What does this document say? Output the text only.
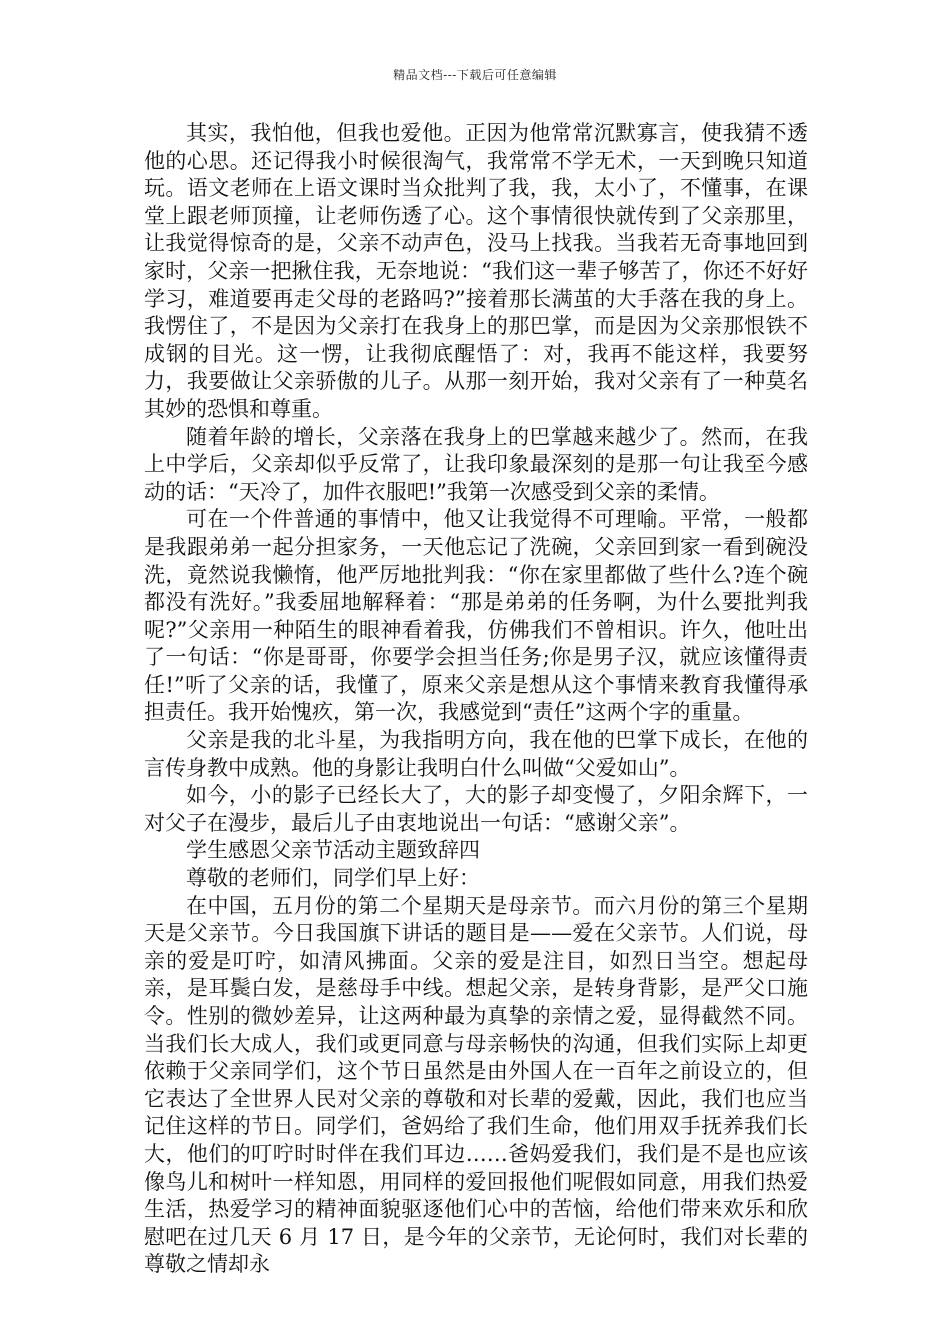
精品文档---下载后可任意编辑

其实，我怕他，但我也爱他。正因为他常常沉默寡言，使我猜不透他的心思。还记得我小时候很淘气，我常常不学无术，一天到晚只知道玩。语文老师在上语文课时当众批判了我，我，太小了，不懂事，在课堂上跟老师顶撞，让老师伤透了心。这个事情很快就传到了父亲那里，让我觉得惊奇的是，父亲不动声色，没马上找我。当我若无奇事地回到家时，父亲一把揪住我，无奈地说：“我们这一辈子够苦了，你还不好好学习，难道要再走父母的老路吗?”接着那长满茧的大手落在我的身上。我愣住了，不是因为父亲打在我身上的那巴掌，而是因为父亲那恨铁不成钢的目光。这一愣，让我彻底醒悟了：对，我再不能这样，我要努力，我要做让父亲骄傲的儿子。从那一刻开始，我对父亲有了一种莫名其妙的恐惧和尊重。

随着年龄的增长，父亲落在我身上的巴掌越来越少了。然而，在我上中学后，父亲却似乎反常了，让我印象最深刻的是那一句让我至今感动的话：“天冷了，加件衣服吧!”我第一次感受到父亲的柔情。

可在一个件普通的事情中，他又让我觉得不可理喻。平常，一般都是我跟弟弟一起分担家务，一天他忘记了洗碗，父亲回到家一看到碗没洗，竟然说我懒惰，他严厉地批判我：“你在家里都做了些什么?连个碗都没有洗好。”我委屈地解释着：“那是弟弟的任务啊，为什么要批判我呢?”父亲用一种陌生的眼神看着我，仿佛我们不曾相识。许久，他吐出了一句话：“你是哥哥，你要学会担当任务;你是男子汉，就应该懂得责任!”听了父亲的话，我懂了，原来父亲是想从这个事情来教育我懂得承担责任。我开始愧疚，第一次，我感觉到“责任”这两个字的重量。

父亲是我的北斗星，为我指明方向，我在他的巴掌下成长，在他的言传身教中成熟。他的身影让我明白什么叫做“父爱如山”。

如今，小的影子已经长大了，大的影子却变慢了，夕阳余辉下，一对父子在漫步，最后儿子由衷地说出一句话：“感谢父亲”。

学生感恩父亲节活动主题致辞四

尊敬的老师们，同学们早上好：

在中国，五月份的第二个星期天是母亲节。而六月份的第三个星期天是父亲节。今日我国旗下讲话的题目是——爱在父亲节。人们说，母亲的爱是叮咛，如清风拂面。父亲的爱是注目，如烈日当空。想起母亲，是耳鬓白发，是慈母手中线。想起父亲，是转身背影，是严父口施令。性别的微妙差异，让这两种最为真挚的亲情之爱，显得截然不同。当我们长大成人，我们或更同意与母亲畅快的沟通，但我们实际上却更依赖于父亲同学们，这个节日虽然是由外国人在一百年之前设立的，但它表达了全世界人民对父亲的尊敬和对长辈的爱戴，因此，我们也应当记住这样的节日。同学们，爸妈给了我们生命，他们用双手抚养我们长大，他们的叮咛时时伴在我们耳边……爸妈爱我们，我们是不是也应该像鸟儿和树叶一样知恩，用同样的爱回报他们呢假如同意，用我们热爱生活，热爱学习的精神面貌驱逐他们心中的苦恼，给他们带来欢乐和欣慰吧在过几天 6 月 17 日，是今年的父亲节，无论何时，我们对长辈的尊敬之情却永
